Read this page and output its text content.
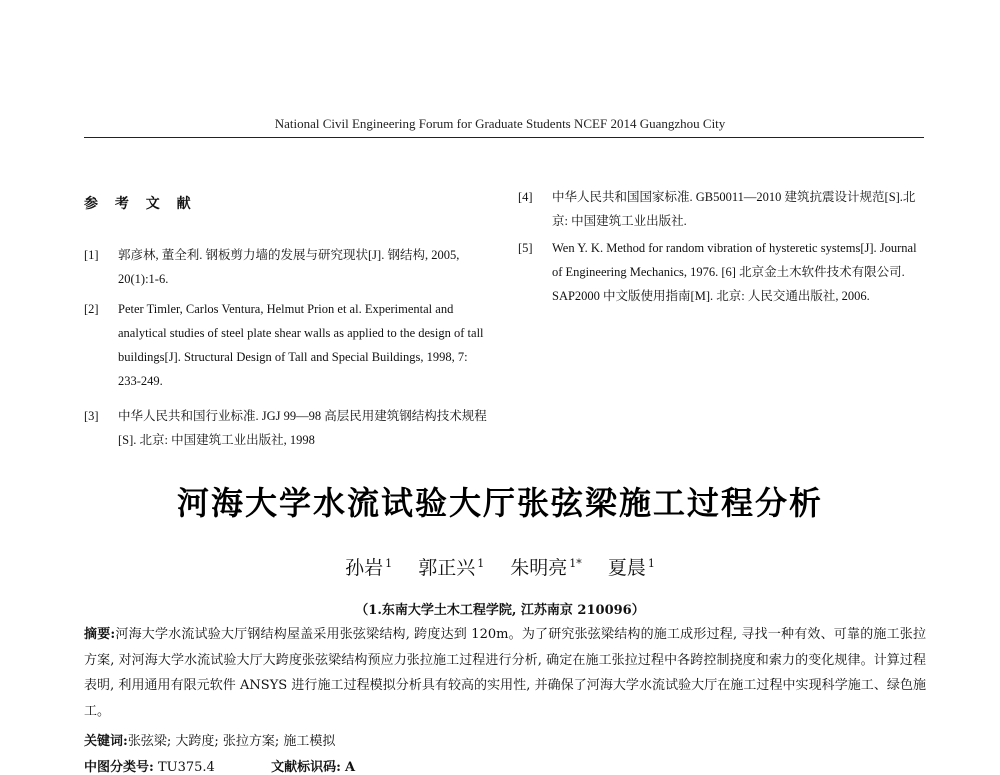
National Civil Engineering Forum for Graduate Students NCEF 2014 Guangzhou City
参 考 文 献
[1] 郭彦林, 董全利. 钢板剪力墙的发展与研究现状[J]. 钢结构, 2005, 20(1):1-6.
[2] Peter Timler, Carlos Ventura, Helmut Prion et al. Experimental and analytical studies of steel plate shear walls as applied to the design of tall buildings[J]. Structural Design of Tall and Special Buildings, 1998, 7: 233-249.
[3] 中华人民共和国行业标准. JGJ 99—98 高层民用建筑钢结构技术规程[S]. 北京: 中国建筑工业出版社, 1998
[4] 中华人民共和国国家标准. GB50011—2010 建筑抗震设计规范[S].北京: 中国建筑工业出版社.
[5] Wen Y. K. Method for random vibration of hysteretic systems[J]. Journal of Engineering Mechanics, 1976. [6] 北京金土木软件技术有限公司. SAP2000 中文版使用指南[M]. 北京: 人民交通出版社, 2006.
河海大学水流试验大厅张弦梁施工过程分析
孙岩 $^1$ 郭正兴 $^1$ 朱明亮 $^{1*}$ 夏晨 $^1$
（1.东南大学土木工程学院, 江苏南京 210096）

摘要:河海大学水流试验大厅钢结构屋盖采用张弦梁结构, 跨度达到 120m。为了研究张弦梁结构的施工成形过程, 寻找一种有效、可靠的施工张拉方案, 对河海大学水流试验大厅大跨度张弦梁结构预应力张拉施工过程进行分析, 确定在施工张拉过程中各跨控制挠度和索力的变化规律。计算过程表明, 利用通用有限元软件 ANSYS 进行施工过程模拟分析具有较高的实用性, 并确保了河海大学水流试验大厅在施工过程中实现科学施工、绿色施工。

关键词:张弦梁; 大跨度; 张拉方案; 施工模拟
中图分类号: TU375.4	文献标识码: A
